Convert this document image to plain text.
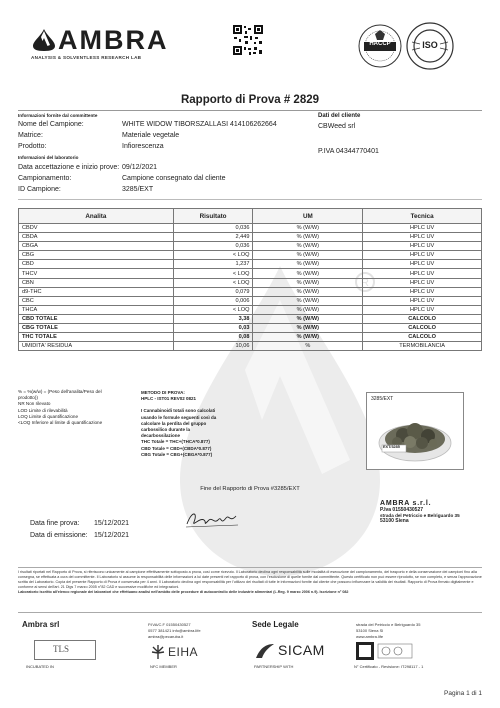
R
AMBRA
ANALYSIS & SOLVENTLESS RESEARCH LAB
HACCP	ISO
Rapporto di Prova # 2829
Informazioni fornite dal committente
Nome del Campione:	WHITE WIDOW TIBORSZALLASI 414106262664
Matrice:	Materiale vegetale
Prodotto:	Infiorescenza
Informazioni del laboratorio
Data accettazione e inizio prove: 09/12/2021
Campionamento:	Campione consegnato dal cliente
ID Campione:	3285/EXT
Dati del cliente
CBWeed srl
P.IVA 04344770401
Analita	Risultato	UM	Tecnica
CBDV	0,036	% (W/W)	HPLC UV
CBDA	2,449	% (W/W)	HPLC UV
CBGA	0,036	% (W/W)	HPLC UV
CBG	< LOQ	% (W/W)	HPLC UV
CBD	1,237	% (W/W)	HPLC UV
THCV	< LOQ	% (W/W)	HPLC UV
CBN	< LOQ	% (W/W)	HPLC UV
d9-THC	0,079	% (W/W)	HPLC UV
CBC	0,006	% (W/W)	HPLC UV
THCA	< LOQ	% (W/W)	HPLC UV
CBD TOTALE	3,38	% (W/W)	CALCOLO
CBG TOTALE	0,03	% (W/W)	CALCOLO
THC TOTALE	0,08	% (W/W)	CALCOLO
UMIDITA' RESIDUA	10,06	%	TERMOBILANCIA
% = %(w/w) = (Peso dell'analita/Peso del
prodotto))
NR Non rilevato
LOD Limite di rilevabilità
LOQ Limite di quantificazione
<LOQ Inferiore al limite di quantificazione
METODO DI PROVA:
HPLC - IST01 REV02 0821
I Cannabinoidi totali sono calcolati
usando le formule seguenti così da
calcolare la perdita del gruppo
carbossilico durante la
decarbossilazione
THC Totale = THC+(THCA*0.877)
CBD Totale = CBD+(CBDA*0.877)
CBG Totale = CBG+(CBGA*0.877)
3285/EXT
EXT/3285
Fine del Rapporto di Prova #3285/EXT
AMBRA s.r.l.
P.Iva 01550430527
strada del Petriccio e Belriguardo 35
53100 Siena
Data fine prova: 15/12/2021
Data di emissione: 15/12/2021
I risultati riportati nel Rapporto di Prova, si riferiscono unicamente al campione effettivamente sottoposto a prova, così come ricevuto. Il Laboratorio declina ogni responsabilità sulle modalità di esecuzione del campionamento, del trasporto e della conservazione dei campioni fino alla consegna, se effettuata a cura del committente. Il Laboratorio si assume la responsabilità delle informazioni a lui date presenti nel rapporto di prova, con l'esclusione di quelle fornite dal committente. Questo certificato non può essere riprodotto, se non completo, e senza l'approvazione scritta del Laboratorio. Copia del presente Rapporto di Prova è conservata per 4 anni. Il Laboratorio declina ogni responsabilità per l'utilizzo dei risultati di tutte le informazioni fornite dal cliente che possono influenzare la validità dei risultati. Rapporto di Prova firmato digitalmente e conforme ai sensi dell'art. 21 Dlgs 7 marzo 2005 n°82 CAD e successive modifiche ed integrazioni.
Laboratorio iscritto all'elenco regionale dei laboratori che effettuano analisi nell'ambito delle procedure di autocontrollo delle industrie alimentari (L.Reg. 9 marzo 2006 n.9). Iscrizione n° 082
Ambra srl
TLS
INCUBATED IN
P.IVA/C.F 01550430527
0577 381421 info@ambra.life
ambra@pecaruba.it
EIHA
NFC MEMBER
Sede Legale
SICAM
PARTNERSHIP WITH
strada del Petriccio e Belriguardo 35
53100 Siena SI
www.ambra.life
N° Certificato - Revisione: IT298117 - 1
Pagina 1 di 1
